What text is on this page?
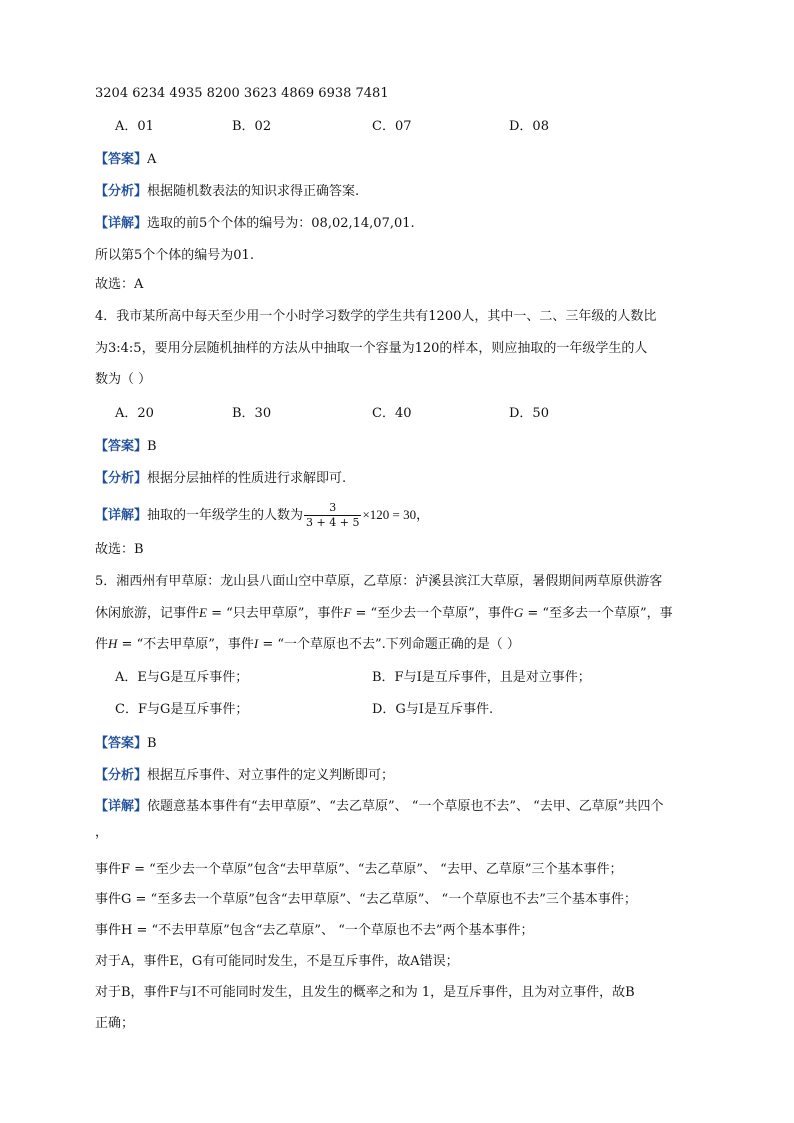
3204 6234 4935 8200 3623 4869 6938 7481
A．01	B．02	C．07	D．08
【答案】A
【分析】根据随机数表法的知识求得正确答案.
【详解】选取的前5个个体的编号为：08,02,14,07,01.
所以第5个个体的编号为01.
故选：A
4．我市某所高中每天至少用一个小时学习数学的学生共有1200人，其中一、二、三年级的人数比
为3:4:5，要用分层随机抽样的方法从中抽取一个容量为120的样本，则应抽取的一年级学生的人
数为（ ）
A．20	B．30	C．40	D．50
【答案】B
【分析】根据分层抽样的性质进行求解即可.
【详解】抽取的一年级学生的人数为 $\frac{3}{3 + 4 + 5} \times 120 = 30$，
故选：B
5．湘西州有甲草原：龙山县八面山空中草原，乙草原：泸溪县滨江大草原，暑假期间两草原供游客
休闲旅游，记事件E = “只去甲草原”，事件F = “至少去一个草原”，事件G = “至多去一个草原”，事
件H = “不去甲草原”，事件I = “一个草原也不去”.下列命题正确的是（ ）
A．E与G是互斥事件；	B．F与I是互斥事件，且是对立事件；
C．F与G是互斥事件；	D．G与I是互斥事件.
【答案】B
【分析】根据互斥事件、对立事件的定义判断即可；
【详解】依题意基本事件有“去甲草原”、“去乙草原”、 “一个草原也不去”、 “去甲、乙草原”共四个
，
事件F = “至少去一个草原”包含“去甲草原”、“去乙草原”、 “去甲、乙草原”三个基本事件；
事件G = “至多去一个草原”包含“去甲草原”、“去乙草原”、 “一个草原也不去”三个基本事件；
事件H = “不去甲草原”包含“去乙草原”、 “一个草原也不去”两个基本事件；
对于A，事件E，G有可能同时发生，不是互斥事件，故A错误；
对于B，事件F与I不可能同时发生，且发生的概率之和为 1，是互斥事件，且为对立事件，故B
正确；
